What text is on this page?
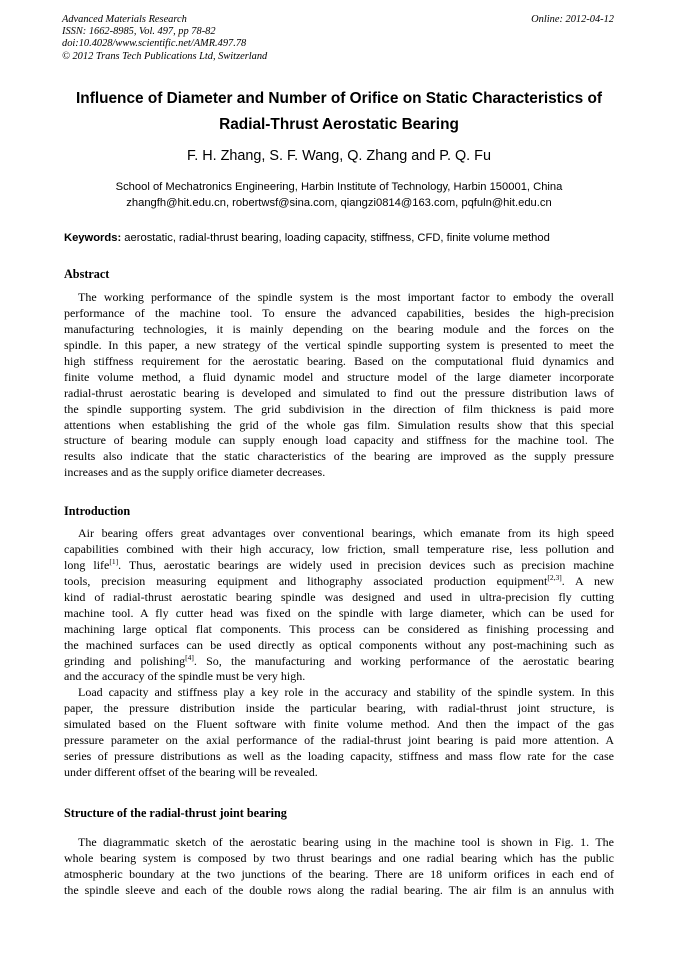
Advanced Materials Research
ISSN: 1662-8985, Vol. 497, pp 78-82
doi:10.4028/www.scientific.net/AMR.497.78
© 2012 Trans Tech Publications Ltd, Switzerland
Online: 2012-04-12
Influence of Diameter and Number of Orifice on Static Characteristics of
Radial-Thrust Aerostatic Bearing
F. H. Zhang, S. F. Wang, Q. Zhang and P. Q. Fu
School of Mechatronics Engineering, Harbin Institute of Technology, Harbin 150001, China
zhangfh@hit.edu.cn, robertwsf@sina.com, qiangzi0814@163.com, pqfuln@hit.edu.cn
Keywords: aerostatic, radial-thrust bearing, loading capacity, stiffness, CFD, finite volume method
Abstract
The working performance of the spindle system is the most important factor to embody the overall
performance of the machine tool. To ensure the advanced capabilities, besides the high-precision
manufacturing technologies, it is mainly depending on the bearing module and the forces on the
spindle. In this paper, a new strategy of the vertical spindle supporting system is presented to meet the
high stiffness requirement for the aerostatic bearing. Based on the computational fluid dynamics and
finite volume method, a fluid dynamic model and structure model of the large diameter incorporate
radial-thrust aerostatic bearing is developed and simulated to find out the pressure distribution laws of
the spindle supporting system. The grid subdivision in the direction of film thickness is paid more
attentions when establishing the grid of the whole gas film. Simulation results show that this special
structure of bearing module can supply enough load capacity and stiffness for the machine tool. The
results also indicate that the static characteristics of the bearing are improved as the supply pressure
increases and as the supply orifice diameter decreases.
Introduction
Air bearing offers great advantages over conventional bearings, which emanate from its high speed
capabilities combined with their high accuracy, low friction, small temperature rise, less pollution and
long life[1]. Thus, aerostatic bearings are widely used in precision devices such as precision machine
tools, precision measuring equipment and lithography associated production equipment[2,3]. A new
kind of radial-thrust aerostatic bearing spindle was designed and used in ultra-precision fly cutting
machine tool. A fly cutter head was fixed on the spindle with large diameter, which can be used for
machining large optical flat components. This process can be considered as finishing processing and
the machined surfaces can be used directly as optical components without any post-machining such as
grinding and polishing[4]. So, the manufacturing and working performance of the aerostatic bearing
and the accuracy of the spindle must be very high.
Load capacity and stiffness play a key role in the accuracy and stability of the spindle system. In this
paper, the pressure distribution inside the particular bearing, with radial-thrust joint structure, is
simulated based on the Fluent software with finite volume method. And then the impact of the gas
pressure parameter on the axial performance of the radial-thrust joint bearing is paid more attention. A
series of pressure distributions as well as the loading capacity, stiffness and mass flow rate for the case
under different offset of the bearing will be revealed.
Structure of the radial-thrust joint bearing
The diagrammatic sketch of the aerostatic bearing using in the machine tool is shown in Fig. 1. The
whole bearing system is composed by two thrust bearings and one radial bearing which has the public
atmospheric boundary at the two junctions of the bearing. There are 18 uniform orifices in each end of
the spindle sleeve and each of the double rows along the radial bearing. The air film is an annulus with
